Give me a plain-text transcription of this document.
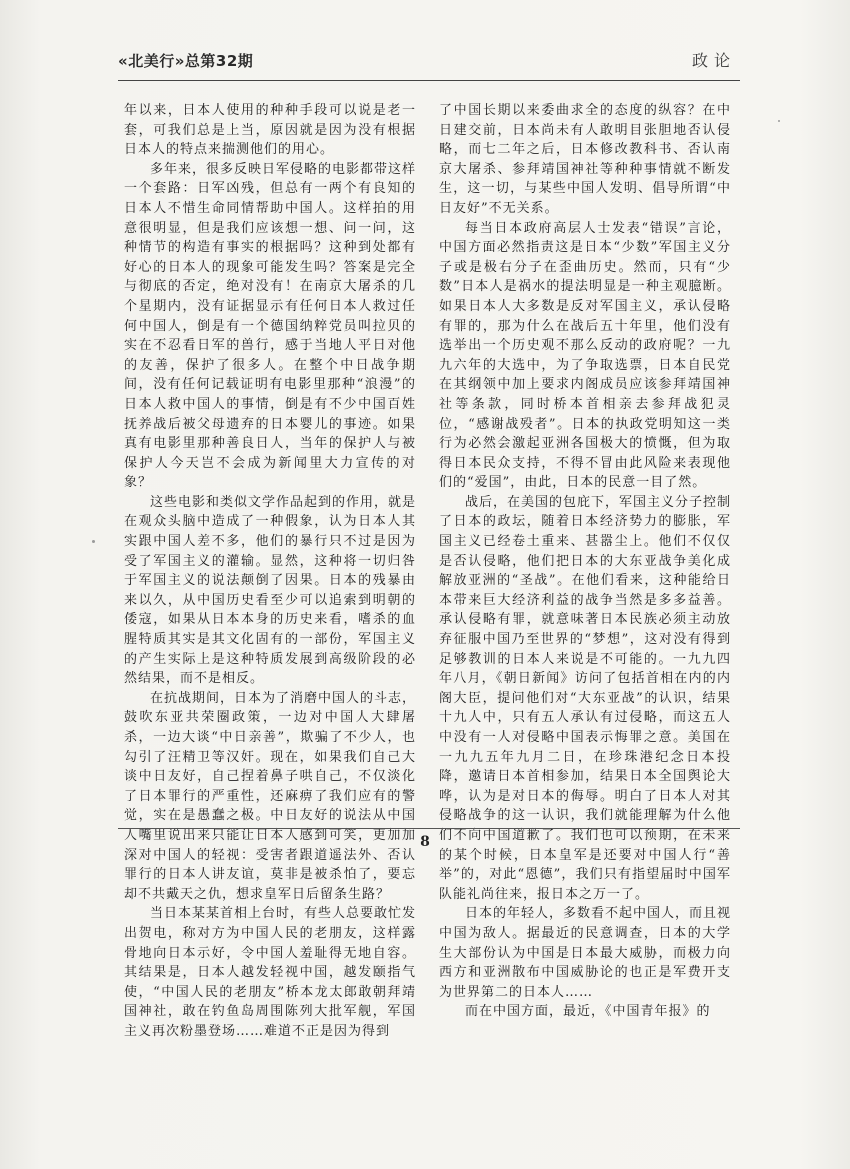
«北美行»总第32期	政论

年以来，日本人使用的种种手段可以说是老一套，可我们总是上当，原因就是因为没有根据日本人的特点来揣测他们的用心。

多年来，很多反映日军侵略的电影都带这样一个套路：日军凶残，但总有一两个有良知的日本人不惜生命同情帮助中国人。这样拍的用意很明显，但是我们应该想一想、问一问，这种情节的构造有事实的根据吗？这种到处都有好心的日本人的现象可能发生吗？答案是完全与彻底的否定，绝对没有！在南京大屠杀的几个星期内，没有证据显示有任何日本人救过任何中国人，倒是有一个德国纳粹党员叫拉贝的实在不忍看日军的兽行，感于当地人平日对他的友善，保护了很多人。在整个中日战争期间，没有任何记载证明有电影里那种“浪漫”的日本人救中国人的事情，倒是有不少中国百姓抚养战后被父母遗弃的日本婴儿的事迹。如果真有电影里那种善良日人，当年的保护人与被保护人今天岂不会成为新闻里大力宣传的对象？

这些电影和类似文学作品起到的作用，就是在观众头脑中造成了一种假象，认为日本人其实跟中国人差不多，他们的暴行只不过是因为受了军国主义的灌输。显然，这种将一切归咎于军国主义的说法颠倒了因果。日本的残暴由来以久，从中国历史看至少可以追索到明朝的倭寇，如果从日本本身的历史来看，嗜杀的血腥特质其实是其文化固有的一部份，军国主义的产生实际上是这种特质发展到高级阶段的必然结果，而不是相反。

在抗战期间，日本为了消磨中国人的斗志，鼓吹东亚共荣圈政策，一边对中国人大肆屠杀，一边大谈“中日亲善”，欺骗了不少人，也勾引了汪精卫等汉奸。现在，如果我们自己大谈中日友好，自己捏着鼻子哄自己，不仅淡化了日本罪行的严重性，还麻痹了我们应有的警觉，实在是愚蠢之极。中日友好的说法从中国人嘴里说出来只能让日本人感到可笑，更加加深对中国人的轻视：受害者跟道遥法外、否认罪行的日本人讲友谊，莫非是被杀怕了，要忘却不共戴天之仇，想求皇军日后留条生路？

当日本某某首相上台时，有些人总要敢忙发出贺电，称对方为中国人民的老朋友，这样露骨地向日本示好，令中国人羞耻得无地自容。其结果是，日本人越发轻视中国，越发颐指气使，“中国人民的老朋友”桥本龙太郎敢朝拜靖国神社，敢在钓鱼岛周围陈列大批军舰，军国主义再次粉墨登场……难道不正是因为得到

了中国长期以来委曲求全的态度的纵容？在中日建交前，日本尚未有人敢明目张胆地否认侵略，而七二年之后，日本修改教科书、否认南京大屠杀、参拜靖国神社等种种事情就不断发生，这一切，与某些中国人发明、倡导所谓“中日友好”不无关系。

每当日本政府高层人士发表“错误”言论，中国方面必然指责这是日本“少数”军国主义分子或是极右分子在歪曲历史。然而，只有“少数”日本人是祸水的提法明显是一种主观臆断。如果日本人大多数是反对军国主义，承认侵略有罪的，那为什么在战后五十年里，他们没有选举出一个历史观不那么反动的政府呢？一九九六年的大选中，为了争取选票，日本自民党在其纲领中加上要求内阁成员应该参拜靖国神社等条款，同时桥本首相亲去参拜战犯灵位，“感谢战殁者”。日本的执政党明知这一类行为必然会激起亚洲各国极大的愤慨，但为取得日本民众支持，不得不冒由此风险来表现他们的“爱国”，由此，日本的民意一目了然。

战后，在美国的包庇下，军国主义分子控制了日本的政坛，随着日本经济势力的膨胀，军国主义已经卷土重来、甚嚣尘上。他们不仅仅是否认侵略，他们把日本的大东亚战争美化成解放亚洲的“圣战”。在他们看来，这种能给日本带来巨大经济利益的战争当然是多多益善。承认侵略有罪，就意味著日本民族必须主动放弃征服中国乃至世界的“梦想”，这对没有得到足够教训的日本人来说是不可能的。一九九四年八月，《朝日新闻》访问了包括首相在内的内阁大臣，提问他们对“大东亚战”的认识，结果十九人中，只有五人承认有过侵略，而这五人中没有一人对侵略中国表示悔罪之意。美国在一九九五年九月二日，在珍珠港纪念日本投降，邀请日本首相参加，结果日本全国舆论大哗，认为是对日本的侮辱。明白了日本人对其侵略战争的这一认识，我们就能理解为什么他们不向中国道歉了。我们也可以预期，在未来的某个时候，日本皇军是还要对中国人行“善举”的，对此“恩德”，我们只有指望届时中国军队能礼尚往来，报日本之万一了。

日本的年轻人，多数看不起中国人，而且视中国为敌人。据最近的民意调查，日本的大学生大部份认为中国是日本最大威胁，而极力向西方和亚洲散布中国威胁论的也正是军费开支为世界第二的日本人……

而在中国方面，最近，《中国青年报》的

8
